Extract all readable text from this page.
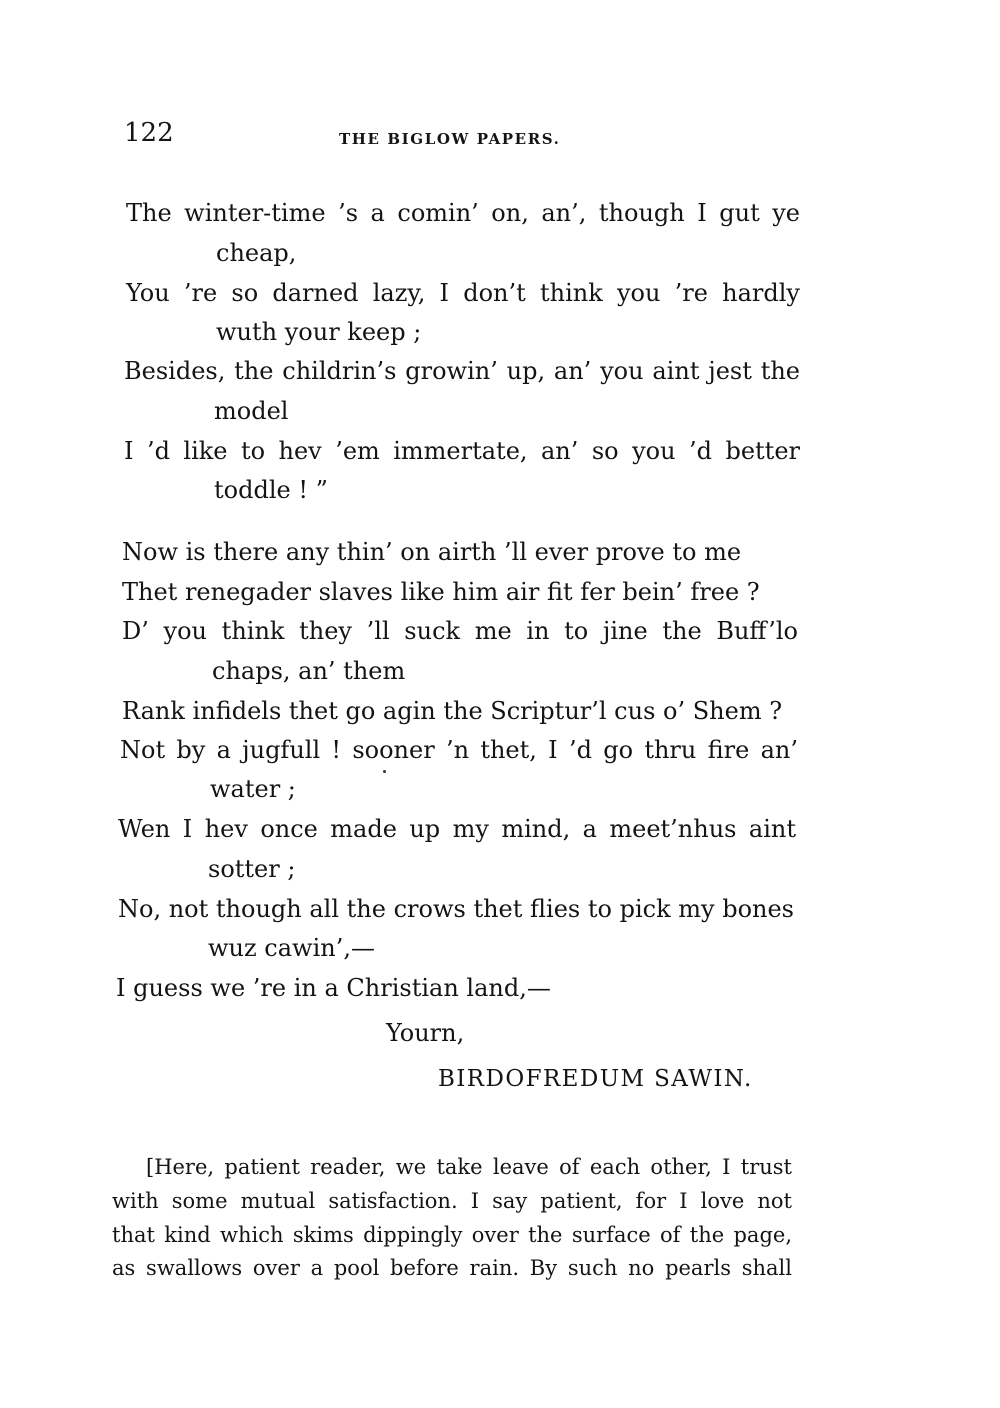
122	THE BIGLOW PAPERS.
The winter-time ’s a comin’ on, an’, though I gut ye
cheap,
You ’re so darned lazy, I don’t think you ’re hardly
wuth your keep ;
Besides, the childrin’s growin’ up, an’ you aint jest the
model
I ’d like to hev ’em immertate, an’ so you ’d better
toddle ! ”
Now is there any thin’ on airth ’ll ever prove to me
Thet renegader slaves like him air fit fer bein’ free ?
D’ you think they ’ll suck me in to jine the Buff’lo
chaps, an’ them
Rank infidels thet go agin the Scriptur’l cus o’ Shem ?
Not by a jugfull ! sooner ’n thet, I ’d go thru fire an’
water ;
Wen I hev once made up my mind, a meet’nhus aint
sotter ;
No, not though all the crows thet flies to pick my bones
wuz cawin’,—
I guess we ’re in a Christian land,—
Yourn,
BIRDOFREDUM SAWIN.
[Here, patient reader, we take leave of each other, I trust
with some mutual satisfaction. I say patient, for I love not
that kind which skims dippingly over the surface of the page,
as swallows over a pool before rain. By such no pearls shall
